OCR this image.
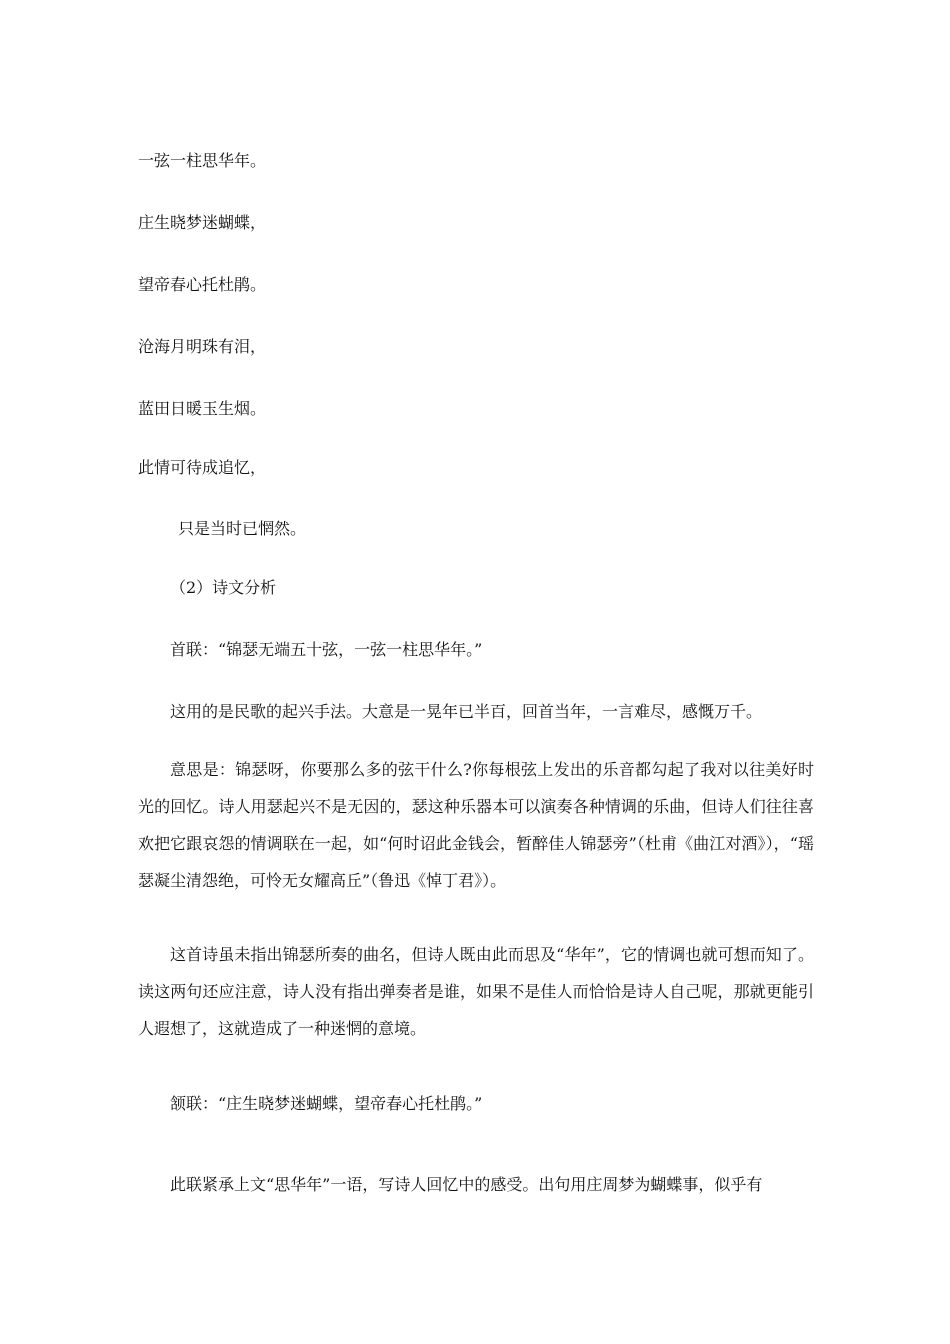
一弦一柱思华年。

庄生晓梦迷蝴蝶，

望帝春心托杜鹃。

沧海月明珠有泪，

蓝田日暖玉生烟。

此情可待成追忆，

只是当时已惘然。

（2）诗文分析

首联：“锦瑟无端五十弦，一弦一柱思华年。”

这用的是民歌的起兴手法。大意是一晃年已半百，回首当年，一言难尽，感慨万千。

意思是：锦瑟呀，你要那么多的弦干什么?你每根弦上发出的乐音都勾起了我对以往美好时光的回忆。诗人用瑟起兴不是无因的，瑟这种乐器本可以演奏各种情调的乐曲，但诗人们往往喜欢把它跟哀怨的情调联在一起，如“何时诏此金钱会，暂醉佳人锦瑟旁”（杜甫《曲江对酒》），“瑶瑟凝尘清怨绝，可怜无女耀高丘”（鲁迅《悼丁君》）。

这首诗虽未指出锦瑟所奏的曲名，但诗人既由此而思及“华年”，它的情调也就可想而知了。读这两句还应注意，诗人没有指出弹奏者是谁，如果不是佳人而恰恰是诗人自己呢，那就更能引人遐想了，这就造成了一种迷惘的意境。

颔联：“庄生晓梦迷蝴蝶，望帝春心托杜鹃。”

此联紧承上文“思华年”一语，写诗人回忆中的感受。出句用庄周梦为蝴蝶事，似乎有
